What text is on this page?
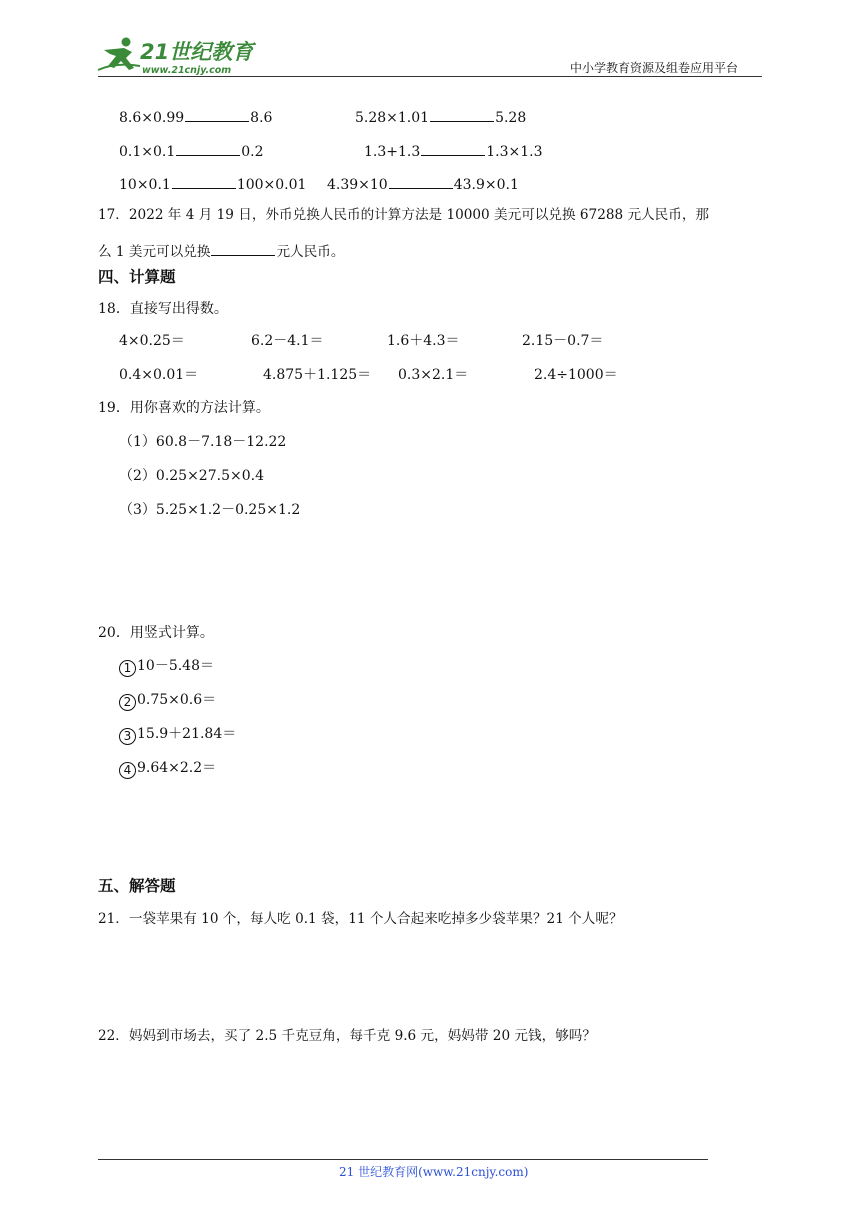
21世纪教育
www.21cnjy.com	中小学教育资源及组卷应用平台
8.6×0.99	8.6	5.28×1.01	5.28
0.1×0.1	0.2	1.3+1.3	1.3×1.3
10×0.1	100×0.01 4.39×10	43.9×0.1
17．2022 年 4 月 19 日，外币兑换人民币的计算方法是 10000 美元可以兑换 67288 元人民币，那
么 1 美元可以兑换	元人民币。
四、计算题
18．直接写出得数。
4×0.25＝	6.2－4.1＝	1.6＋4.3＝	2.15－0.7＝
0.4×0.01＝	4.875＋1.125＝ 0.3×2.1＝	2.4÷1000＝
19．用你喜欢的方法计算。
（1）60.8－7.18－12.22
（2）0.25×27.5×0.4
（3）5.25×1.2－0.25×1.2
20．用竖式计算。
1 10－5.48＝
2 0.75×0.6＝
3 15.9＋21.84＝
4 9.64×2.2＝
五、解答题
21．一袋苹果有 10 个，每人吃 0.1 袋，11 个人合起来吃掉多少袋苹果？21 个人呢？
22．妈妈到市场去，买了 2.5 千克豆角，每千克 9.6 元，妈妈带 20 元钱，够吗？
21 世纪教育网(www.21cnjy.com)
